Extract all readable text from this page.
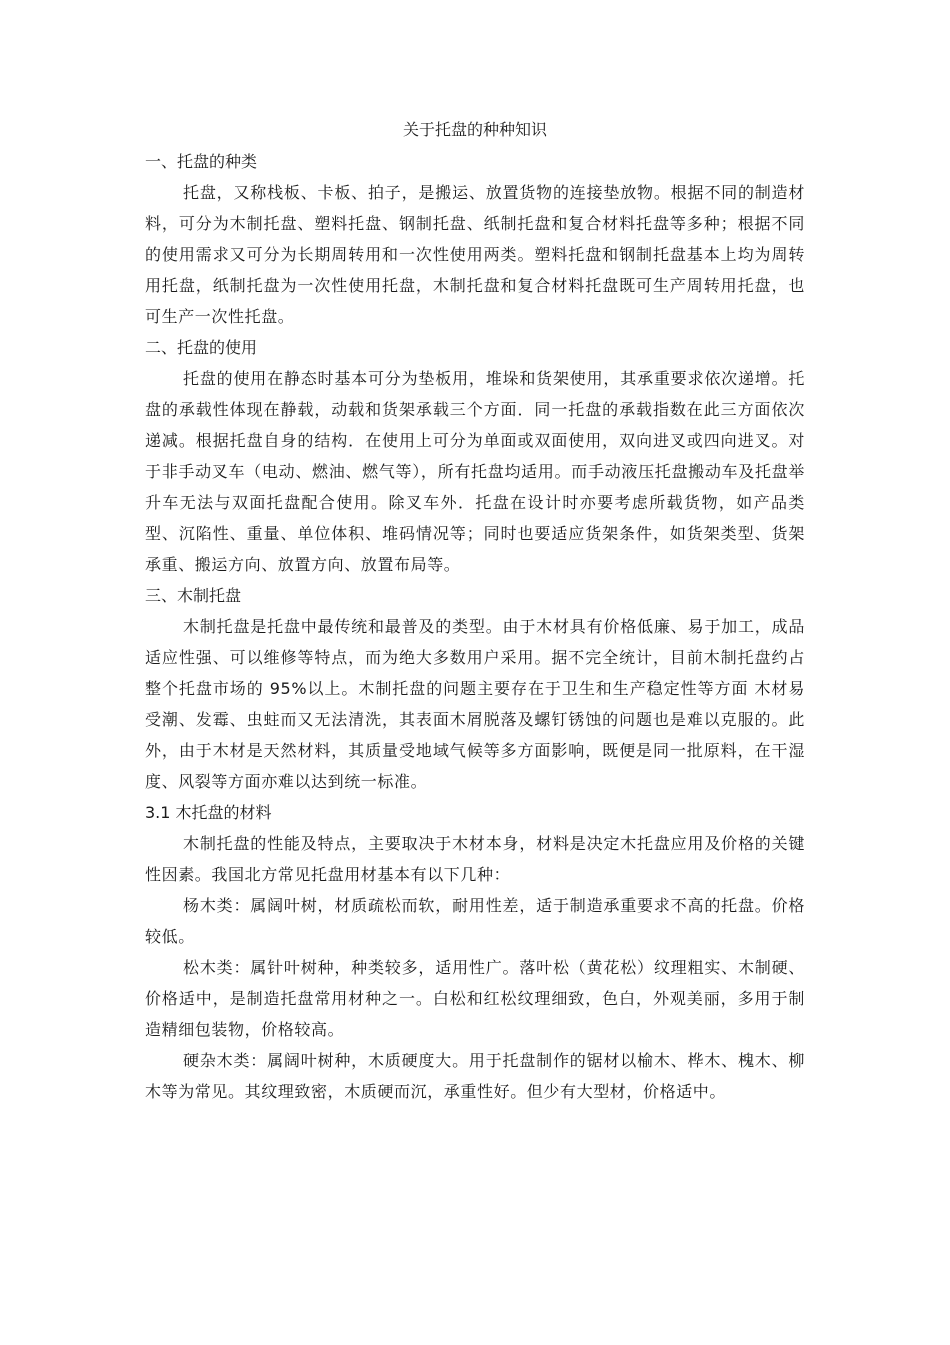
关于托盘的种种知识
一、托盘的种类

托盘，又称栈板、卡板、拍子，是搬运、放置货物的连接垫放物。根据不同的制造材料，可分为木制托盘、塑料托盘、钢制托盘、纸制托盘和复合材料托盘等多种；根据不同的使用需求又可分为长期周转用和一次性使用两类。塑料托盘和钢制托盘基本上均为周转用托盘，纸制托盘为一次性使用托盘，木制托盘和复合材料托盘既可生产周转用托盘，也可生产一次性托盘。

二、托盘的使用

托盘的使用在静态时基本可分为垫板用，堆垛和货架使用，其承重要求依次递增。托盘的承载性体现在静载，动载和货架承载三个方面．同一托盘的承载指数在此三方面依次递减。根据托盘自身的结构．在使用上可分为单面或双面使用，双向进叉或四向进叉。对于非手动叉车（电动、燃油、燃气等），所有托盘均适用。而手动液压托盘搬动车及托盘举升车无法与双面托盘配合使用。除叉车外．托盘在设计时亦要考虑所载货物，如产品类型、沉陷性、重量、单位体积、堆码情况等；同时也要适应货架条件，如货架类型、货架承重、搬运方向、放置方向、放置布局等。

三、木制托盘

木制托盘是托盘中最传统和最普及的类型。由于木材具有价格低廉、易于加工，成品适应性强、可以维修等特点，而为绝大多数用户采用。据不完全统计，目前木制托盘约占整个托盘市场的 95%以上。木制托盘的问题主要存在于卫生和生产稳定性等方面 木材易受潮、发霉、虫蛀而又无法清洗，其表面木屑脱落及螺钉锈蚀的问题也是难以克服的。此外，由于木材是天然材料，其质量受地域气候等多方面影响，既便是同一批原料，在干湿度、风裂等方面亦难以达到统一标准。

3.1 木托盘的材料

木制托盘的性能及特点，主要取决于木材本身，材料是决定木托盘应用及价格的关键性因素。我国北方常见托盘用材基本有以下几种：

杨木类：属阔叶树，材质疏松而软，耐用性差，适于制造承重要求不高的托盘。价格较低。

松木类：属针叶树种，种类较多，适用性广。落叶松（黄花松）纹理粗实、木制硬、价格适中，是制造托盘常用材种之一。白松和红松纹理细致，色白，外观美丽，多用于制造精细包装物，价格较高。

硬杂木类：属阔叶树种，木质硬度大。用于托盘制作的锯材以榆木、桦木、槐木、柳木等为常见。其纹理致密，木质硬而沉，承重性好。但少有大型材，价格适中。
